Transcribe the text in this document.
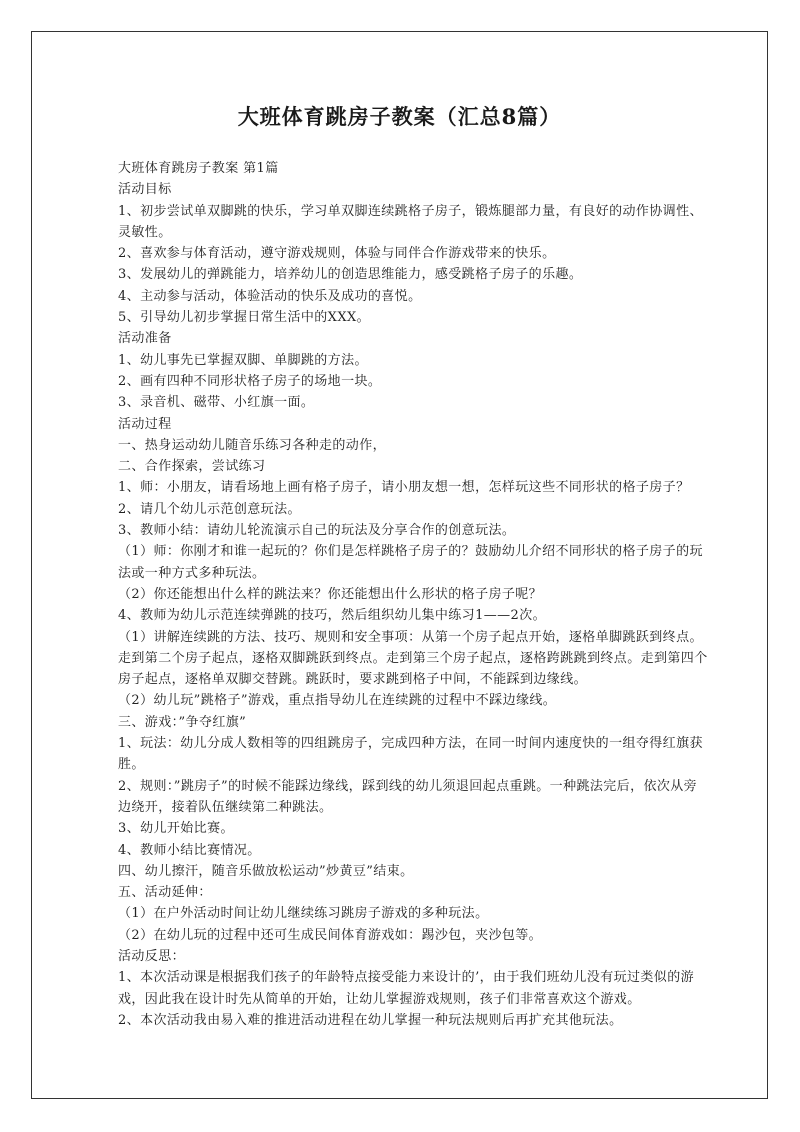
大班体育跳房子教案（汇总8篇）

大班体育跳房子教案 第1篇

活动目标

1、初步尝试单双脚跳的快乐，学习单双脚连续跳格子房子，锻炼腿部力量，有良好的动作协调性、灵敏性。

2、喜欢参与体育活动，遵守游戏规则，体验与同伴合作游戏带来的快乐。

3、发展幼儿的弹跳能力，培养幼儿的创造思维能力，感受跳格子房子的乐趣。

4、主动参与活动，体验活动的快乐及成功的喜悦。

5、引导幼儿初步掌握日常生活中的XXX。

活动准备

1、幼儿事先已掌握双脚、单脚跳的方法。

2、画有四种不同形状格子房子的场地一块。

3、录音机、磁带、小红旗一面。

活动过程

一、热身运动幼儿随音乐练习各种走的动作，

二、合作探索，尝试练习

1、师：小朋友，请看场地上画有格子房子，请小朋友想一想，怎样玩这些不同形状的格子房子？

2、请几个幼儿示范创意玩法。

3、教师小结：请幼儿轮流演示自己的玩法及分享合作的创意玩法。

（1）师：你刚才和谁一起玩的？你们是怎样跳格子房子的？鼓励幼儿介绍不同形状的格子房子的玩法或一种方式多种玩法。

（2）你还能想出什么样的跳法来？你还能想出什么形状的格子房子呢？

4、教师为幼儿示范连续弹跳的技巧，然后组织幼儿集中练习1——2次。

（1）讲解连续跳的方法、技巧、规则和安全事项：从第一个房子起点开始，逐格单脚跳跃到终点。走到第二个房子起点，逐格双脚跳跃到终点。走到第三个房子起点，逐格跨跳跳到终点。走到第四个房子起点，逐格单双脚交替跳。跳跃时，要求跳到格子中间，不能踩到边缘线。

（2）幼儿玩”跳格子”游戏，重点指导幼儿在连续跳的过程中不踩边缘线。

三、游戏：”争夺红旗”

1、玩法：幼儿分成人数相等的四组跳房子，完成四种方法，在同一时间内速度快的一组夺得红旗获胜。

2、规则：”跳房子”的时候不能踩边缘线，踩到线的幼儿须退回起点重跳。一种跳法完后，依次从旁边绕开，接着队伍继续第二种跳法。

3、幼儿开始比赛。

4、教师小结比赛情况。

四、幼儿擦汗，随音乐做放松运动”炒黄豆”结束。

五、活动延伸：

（1）在户外活动时间让幼儿继续练习跳房子游戏的多种玩法。

（2）在幼儿玩的过程中还可生成民间体育游戏如：踢沙包，夹沙包等。

活动反思：

1、本次活动课是根据我们孩子的年龄特点接受能力来设计的’，由于我们班幼儿没有玩过类似的游戏，因此我在设计时先从简单的开始，让幼儿掌握游戏规则，孩子们非常喜欢这个游戏。

2、本次活动我由易入难的推进活动进程在幼儿掌握一种玩法规则后再扩充其他玩法。
